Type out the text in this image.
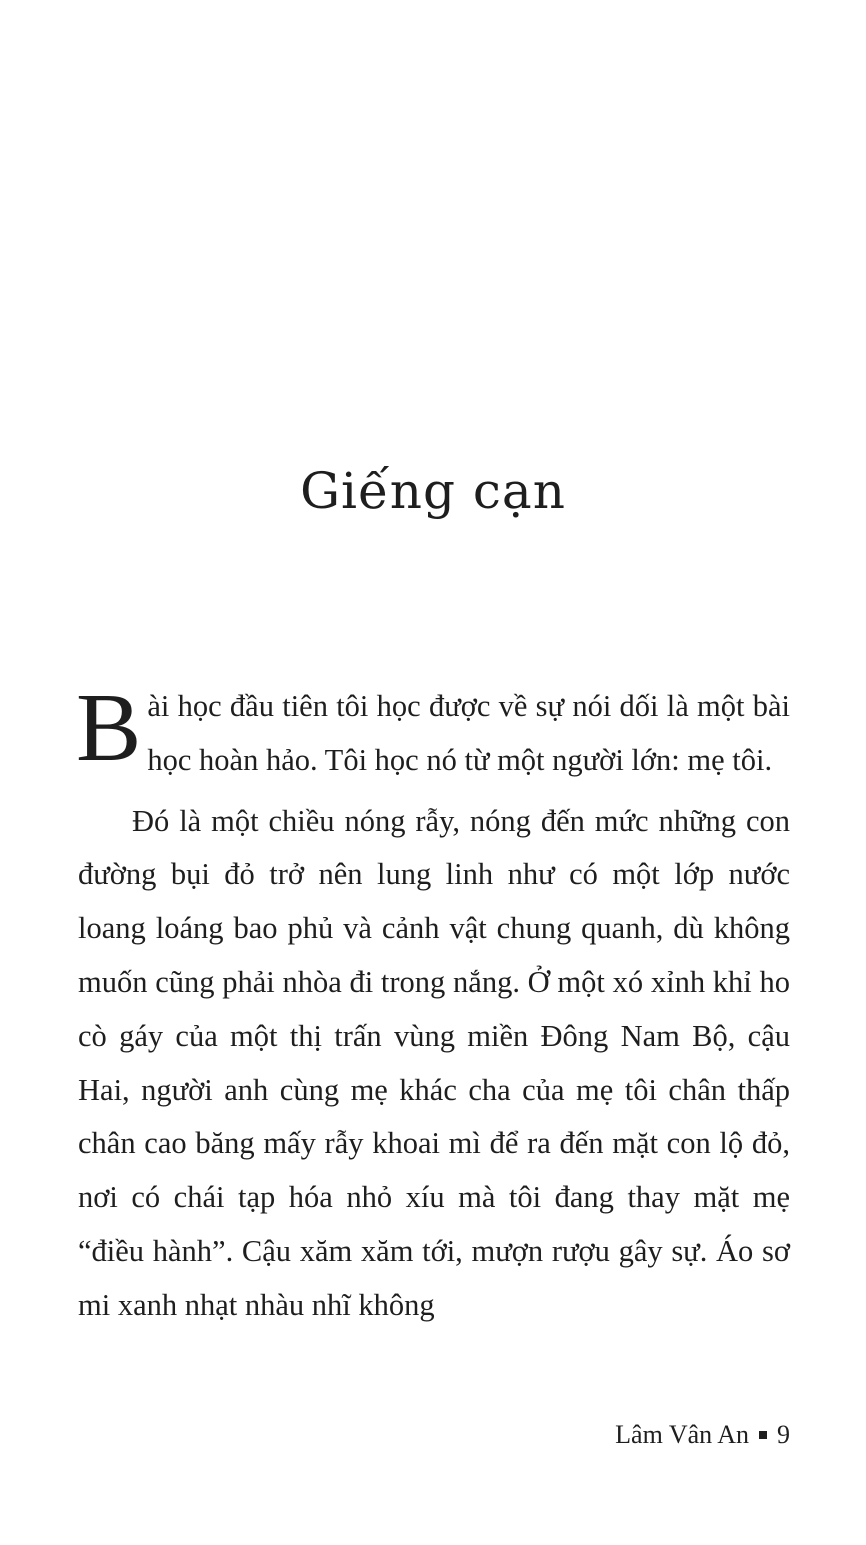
Giếng cạn

Bài học đầu tiên tôi học được về sự nói dối là một bài học hoàn hảo. Tôi học nó từ một người lớn: mẹ tôi.

Đó là một chiều nóng rẫy, nóng đến mức những con đường bụi đỏ trở nên lung linh như có một lớp nước loang loáng bao phủ và cảnh vật chung quanh, dù không muốn cũng phải nhòa đi trong nắng. Ở một xó xỉnh khỉ ho cò gáy của một thị trấn vùng miền Đông Nam Bộ, cậu Hai, người anh cùng mẹ khác cha của mẹ tôi chân thấp chân cao băng mấy rẫy khoai mì để ra đến mặt con lộ đỏ, nơi có chái tạp hóa nhỏ xíu mà tôi đang thay mặt mẹ “điều hành”. Cậu xăm xăm tới, mượn rượu gây sự. Áo sơ mi xanh nhạt nhàu nhĩ không

Lâm Vân An 9
